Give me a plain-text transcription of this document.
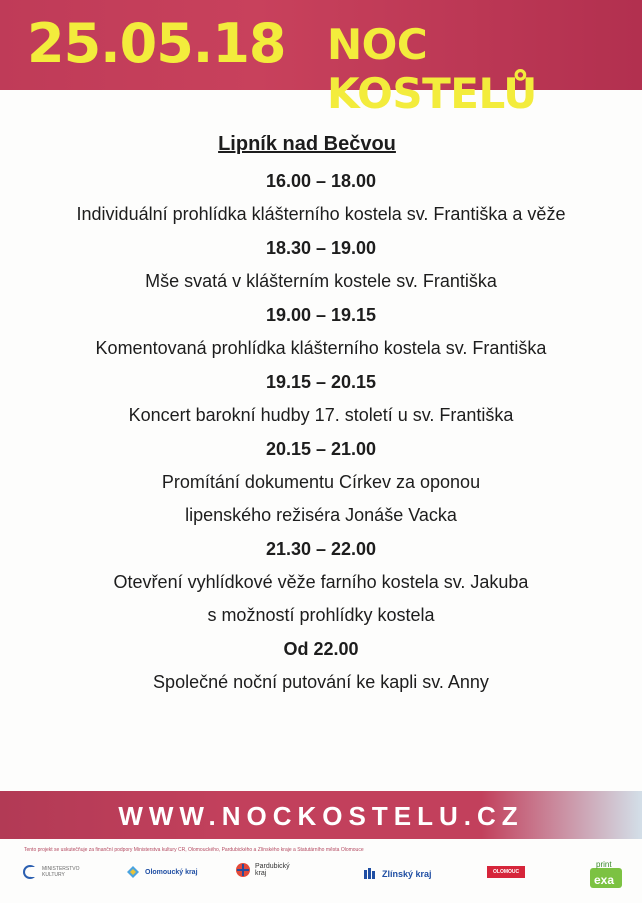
25.05.18 NOC KOSTELŮ
Lipník nad Bečvou
16.00 – 18.00
Individuální prohlídka klášterního kostela sv. Františka a věže
18.30 – 19.00
Mše svatá v klášterním kostele sv. Františka
19.00 – 19.15
Komentovaná prohlídka klášterního kostela sv. Františka
19.15 – 20.15
Koncert barokní hudby 17. století u sv. Františka
20.15 – 21.00
Promítání dokumentu Církev za oponou
lipenského režiséra Jonáše Vacka
21.30 – 22.00
Otevření vyhlídkové věže farního kostela sv. Jakuba
s možností prohlídky kostela
Od 22.00
Společné noční putování ke kapli sv. Anny
WWW.NOCKOSTELU.CZ
Tento projekt se uskutečňuje za finanční podpory Ministerstva kultury ČR, Olomouckého, Pardubického a Zlínského kraje a Statutárního města Olomouce
MINISTERSTVO KULTURY	Olomoucký kraj
Pardubický kraj	Zlínský kraj	OLOMOUC
print
exa
